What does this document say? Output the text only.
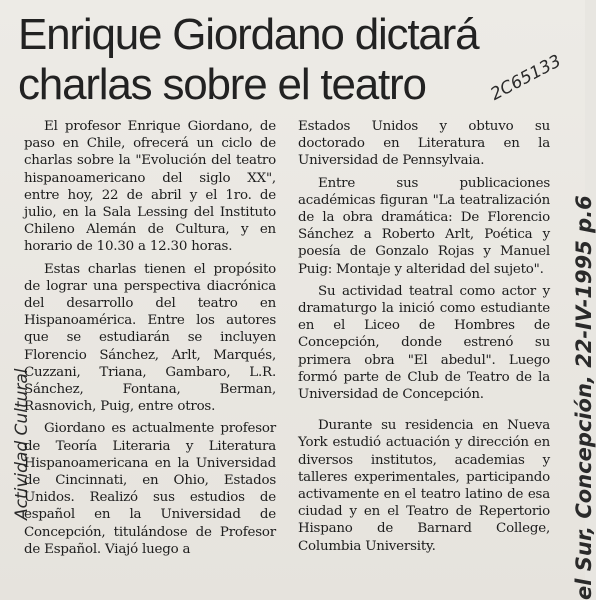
Enrique Giordano dictará
charlas sobre el teatro	2C65133
Actividad Cultural	el Sur, Concepción, 22-IV-1995 p.6

El profesor Enrique Giordano, de paso en Chile, ofrecerá un ciclo de charlas sobre la "Evolución del teatro hispanoamericano del siglo XX", entre hoy, 22 de abril y el 1ro. de julio, en la Sala Lessing del Instituto Chileno Alemán de Cultura, y en horario de 10.30 a 12.30 horas.

Estas charlas tienen el propósito de lograr una perspectiva diacrónica del desarrollo del teatro en Hispanoamérica. Entre los autores que se estudiarán se incluyen Florencio Sánchez, Arlt, Marqués, Cuzzani, Triana, Gambaro, L.R. Sánchez, Fontana, Berman, Rasnovich, Puig, entre otros.

Giordano es actualmente profesor de Teoría Literaria y Literatura Hispanoamericana en la Universidad de Cincinnati, en Ohio, Estados Unidos. Realizó sus estudios de español en la Universidad de Concepción, titulándose de Profesor de Español. Viajó luego a

Estados Unidos y obtuvo su doctorado en Literatura en la Universidad de Pennsylvaia.

Entre sus publicaciones académicas figuran "La teatralización de la obra dramática: De Florencio Sánchez a Roberto Arlt, Poética y poesía de Gonzalo Rojas y Manuel Puig: Montaje y alteridad del sujeto".

Su actividad teatral como actor y dramaturgo la inició como estudiante en el Liceo de Hombres de Concepción, donde estrenó su primera obra "El abedul". Luego formó parte de Club de Teatro de la Universidad de Concepción.

Durante su residencia en Nueva York estudió actuación y dirección en diversos institutos, academias y talleres experimentales, participando activamente en el teatro latino de esa ciudad y en el Teatro de Repertorio Hispano de Barnard College, Columbia University.
